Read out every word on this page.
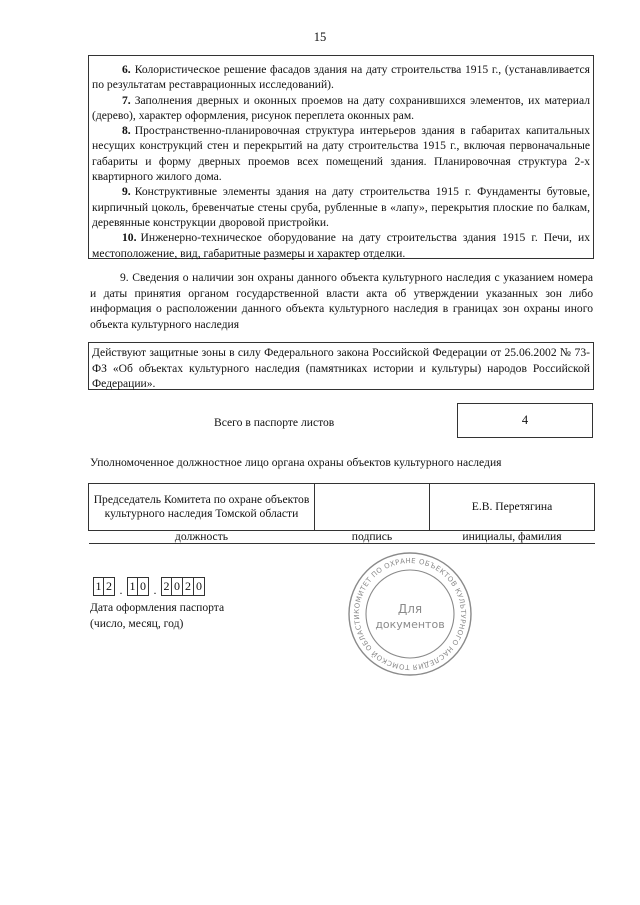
15

6. Колористическое решение фасадов здания на дату строительства 1915 г., (устанавливается по результатам реставрационных исследований).

7. Заполнения дверных и оконных проемов на дату сохранившихся элементов, их материал (дерево), характер оформления, рисунок переплета оконных рам.

8. Пространственно-планировочная структура интерьеров здания в габаритах капитальных несущих конструкций стен и перекрытий на дату строительства 1915 г., включая первоначальные габариты и форму дверных проемов всех помещений здания. Планировочная структура 2-х квартирного жилого дома.

9. Конструктивные элементы здания на дату строительства 1915 г. Фундаменты бутовые, кирпичный цоколь, бревенчатые стены сруба, рубленные в «лапу», перекрытия плоские по балкам, деревянные конструкции дворовой пристройки.

10. Инженерно-техническое оборудование на дату строительства здания 1915 г. Печи, их местоположение, вид, габаритные размеры и характер отделки.

9. Сведения о наличии зон охраны данного объекта культурного наследия с указанием номера и даты принятия органом государственной власти акта об утверждении указанных зон либо информация о расположении данного объекта культурного наследия в границах зон охраны иного объекта культурного наследия

Действуют защитные зоны в силу Федерального закона Российской Федерации от 25.06.2002 № 73-ФЗ «Об объектах культурного наследия (памятниках истории и культуры) народов Российской Федерации».
Всего в паспорте листов	4
Уполномоченное должностное лицо органа охраны объектов культурного наследия
Председатель Комитета по охране объектов культурного наследия Томской области		Е.В. Перетягина
должность	подпись	инициалы, фамилия
1 2 . 1 0 . 2 0 2 0
Дата оформления паспорта
(число, месяц, год)
КОМИТЕТ ПО ОХРАНЕ ОБЪЕКТОВ КУЛЬТУРНОГО НАСЛЕДИЯ ТОМСКОЙ ОБЛАСТИ
Для
документов
